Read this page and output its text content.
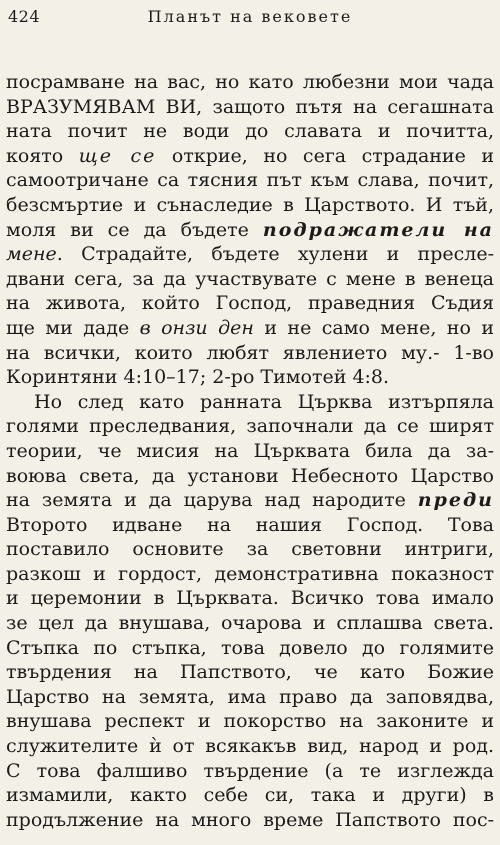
424	Планът на вековете
посрамване на вас, но като любезни мои чада
ВРАЗУМЯВАМ ВИ, защото пътя на сегашната
ната почит не води до славата и почитта,
която ще се открие, но сега страдание и
самоотричане са тясния път към слава, почит,
безсмъртие и сънаследие в Царството. И тъй,
моля ви се да бъдете подражатели на
мене. Страдайте, бъдете хулени и пресле-
двани сега, за да участвувате с мене в венеца
на живота, който Господ, праведния Съдия
ще ми даде в онзи ден и не само мене, но и
на всички, които любят явлението му.- 1-во
Коринтяни 4:10–17; 2-ро Тимотей 4:8.
Но след като ранната Църква изтърпяла
голями преследвания, започнали да се ширят
теории, че мисия на Църквата била да за-
воюва света, да установи Небесното Царство
на земята и да царува над народите преди
Второто идване на нашия Господ. Това
поставило основите за световни интриги,
разкош и гордост, демонстративна показност
и церемонии в Църквата. Всичко това имало
зе цел да внушава, очарова и сплашва света.
Стъпка по стъпка, това довело до голямите
твърдения на Папството, че като Божие
Царство на земята, има право да заповядва,
внушава респект и покорство на законите и
служителите ѝ от всякакъв вид, народ и род.
С това фалшиво твърдение (а те изглежда
измамили, както себе си, така и други) в
продължение на много време Папството пос-
